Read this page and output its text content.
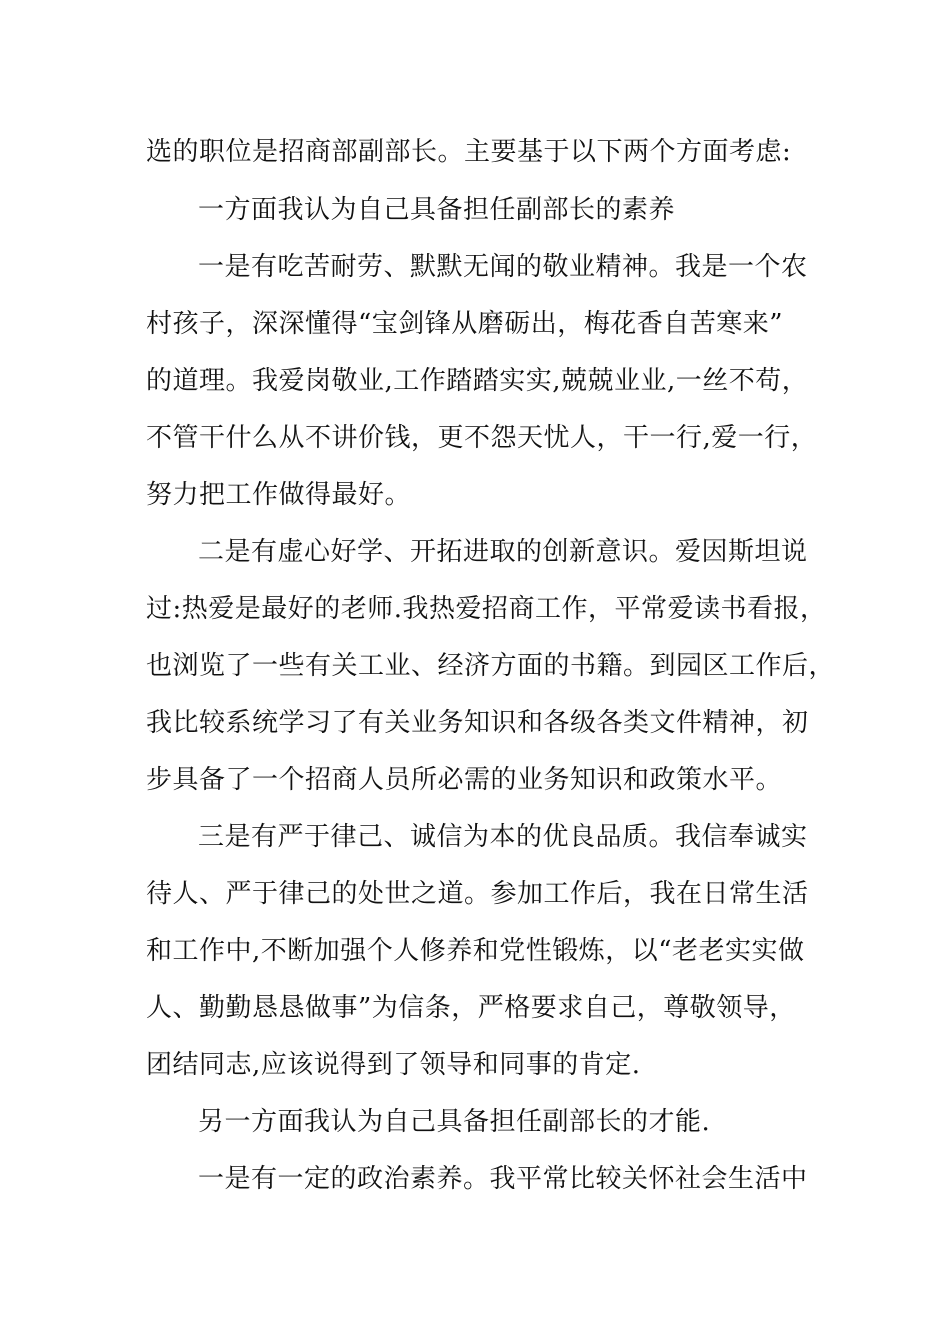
选的职位是招商部副部长。主要基于以下两个方面考虑:
一方面我认为自己具备担任副部长的素养
一是有吃苦耐劳、默默无闻的敬业精神。我是一个农
村孩子，深深懂得“宝剑锋从磨砺出，梅花香自苦寒来”
的道理。我爱岗敬业,工作踏踏实实,兢兢业业,一丝不苟，
不管干什么从不讲价钱，更不怨天忧人，干一行,爱一行，
努力把工作做得最好。
二是有虚心好学、开拓进取的创新意识。爱因斯坦说
过:热爱是最好的老师.我热爱招商工作，平常爱读书看报，
也浏览了一些有关工业、经济方面的书籍。到园区工作后，
我比较系统学习了有关业务知识和各级各类文件精神，初
步具备了一个招商人员所必需的业务知识和政策水平。
三是有严于律己、诚信为本的优良品质。我信奉诚实
待人、严于律己的处世之道。参加工作后，我在日常生活
和工作中,不断加强个人修养和党性锻炼，以“老老实实做
人、勤勤恳恳做事”为信条，严格要求自己，尊敬领导，
团结同志,应该说得到了领导和同事的肯定.
另一方面我认为自己具备担任副部长的才能.
一是有一定的政治素养。我平常比较关怀社会生活中
